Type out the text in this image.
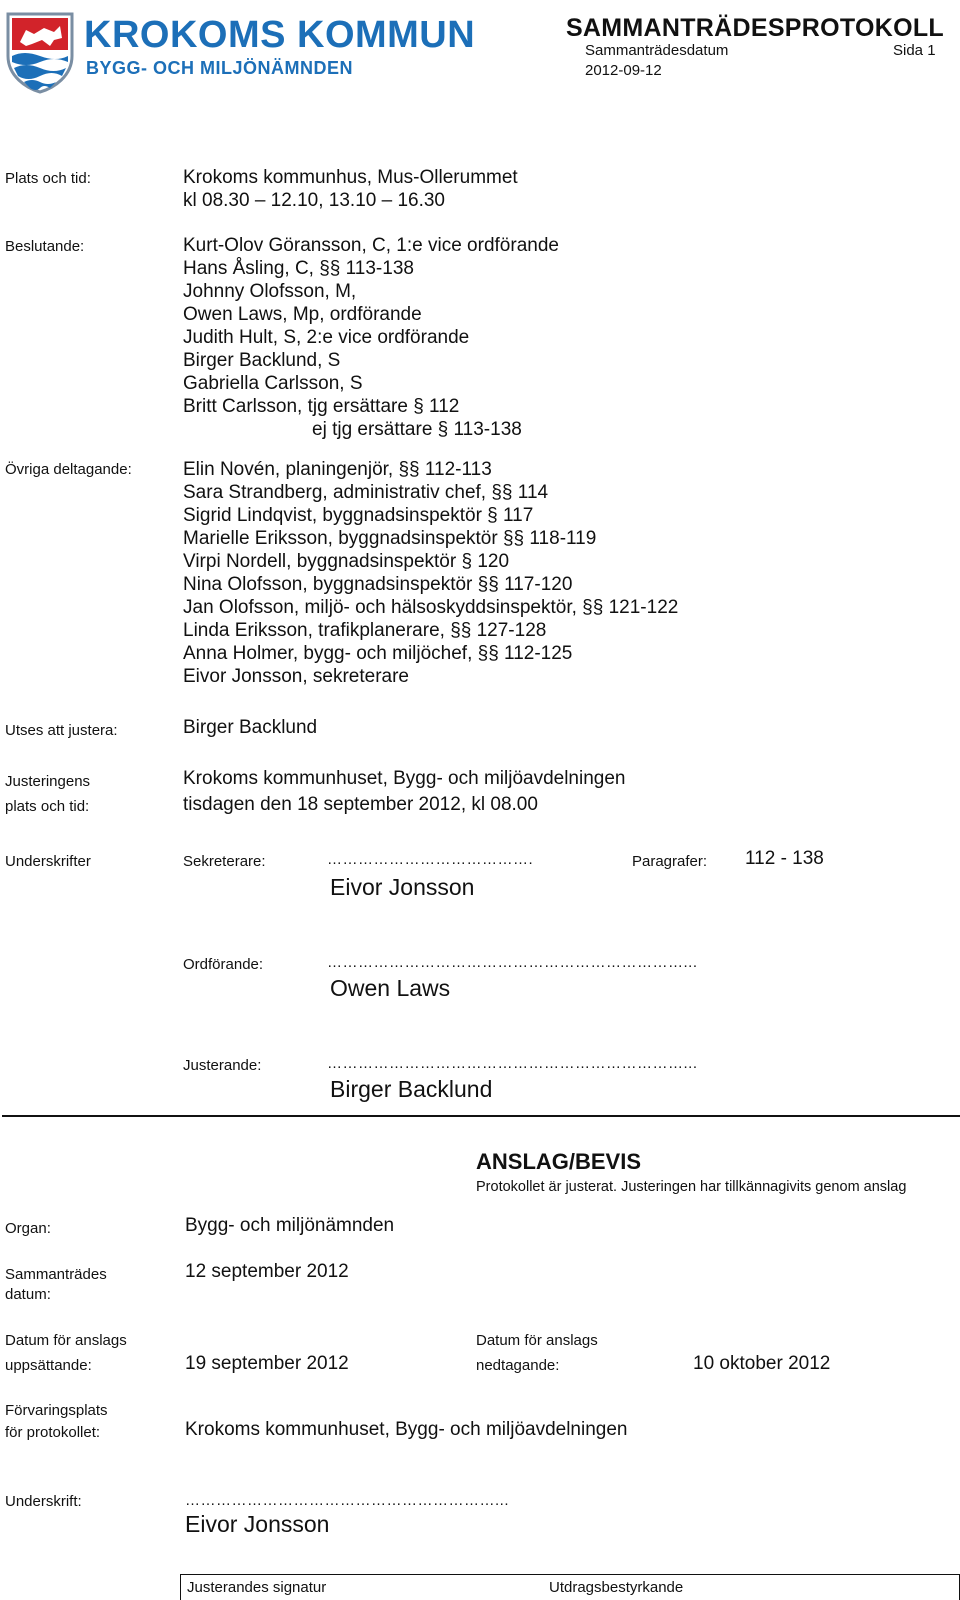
KROKOMS KOMMUN
BYGG- OCH MILJÖNÄMNDEN
SAMMANTRÄDESPROTOKOLL
Sammanträdesdatum	Sida 1
2012-09-12
Plats och tid:	Krokoms kommunhus, Mus-Ollerummet
kl 08.30 – 12.10, 13.10 – 16.30
Beslutande:	Kurt-Olov Göransson, C, 1:e vice ordförande
Hans Åsling, C, §§ 113-138
Johnny Olofsson, M,
Owen Laws, Mp, ordförande
Judith Hult, S, 2:e vice ordförande
Birger Backlund, S
Gabriella Carlsson, S
Britt Carlsson, tjg ersättare § 112
ej tjg ersättare § 113-138
Övriga deltagande:	Elin Novén, planingenjör, §§ 112-113
Sara Strandberg, administrativ chef, §§ 114
Sigrid Lindqvist, byggnadsinspektör § 117
Marielle Eriksson, byggnadsinspektör §§ 118-119
Virpi Nordell, byggnadsinspektör § 120
Nina Olofsson, byggnadsinspektör §§ 117-120
Jan Olofsson, miljö- och hälsoskyddsinspektör, §§ 121-122
Linda Eriksson, trafikplanerare, §§ 127-128
Anna Holmer, bygg- och miljöchef, §§ 112-125
Eivor Jonsson, sekreterare
Utses att justera:	Birger Backlund
Justeringens
plats och tid:
Krokoms kommunhuset, Bygg- och miljöavdelningen
tisdagen den 18 september 2012, kl 08.00
Underskrifter	Sekreterare:	………………………………….	Paragrafer: 112 - 138
Eivor Jonsson
Ordförande:	……………………………………………………………...
Owen Laws
Justerande:	……………………………………………………………...
Birger Backlund
ANSLAG/BEVIS
Protokollet är justerat. Justeringen har tillkännagivits genom anslag
Organ:	Bygg- och miljönämnden
Sammanträdes
datum:
12 september 2012
Datum för anslags
uppsättande:	19 september 2012
Datum för anslags
nedtagande:	10 oktober 2012
Förvaringsplats
för protokollet:	Krokoms kommunhuset, Bygg- och miljöavdelningen
Underskrift:	……………………………………………………...
Eivor Jonsson
Justerandes signatur	Utdragsbestyrkande
